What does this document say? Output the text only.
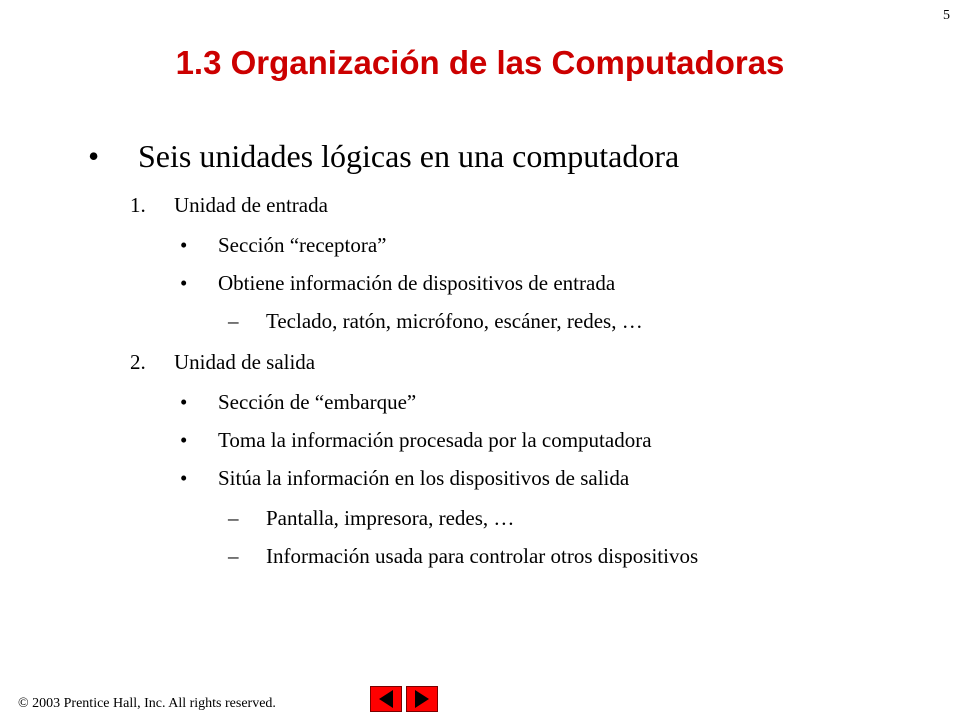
5
1.3 Organización de las Computadoras
• Seis unidades lógicas en una computadora
1. Unidad de entrada
• Sección “receptora”
• Obtiene información de dispositivos de entrada
– Teclado, ratón, micrófono, escáner, redes, …
2. Unidad de salida
• Sección de “embarque”
• Toma la información procesada por la computadora
• Sitúa la información en los dispositivos de salida
– Pantalla, impresora, redes, …
– Información usada para controlar otros dispositivos
© 2003 Prentice Hall, Inc. All rights reserved.
